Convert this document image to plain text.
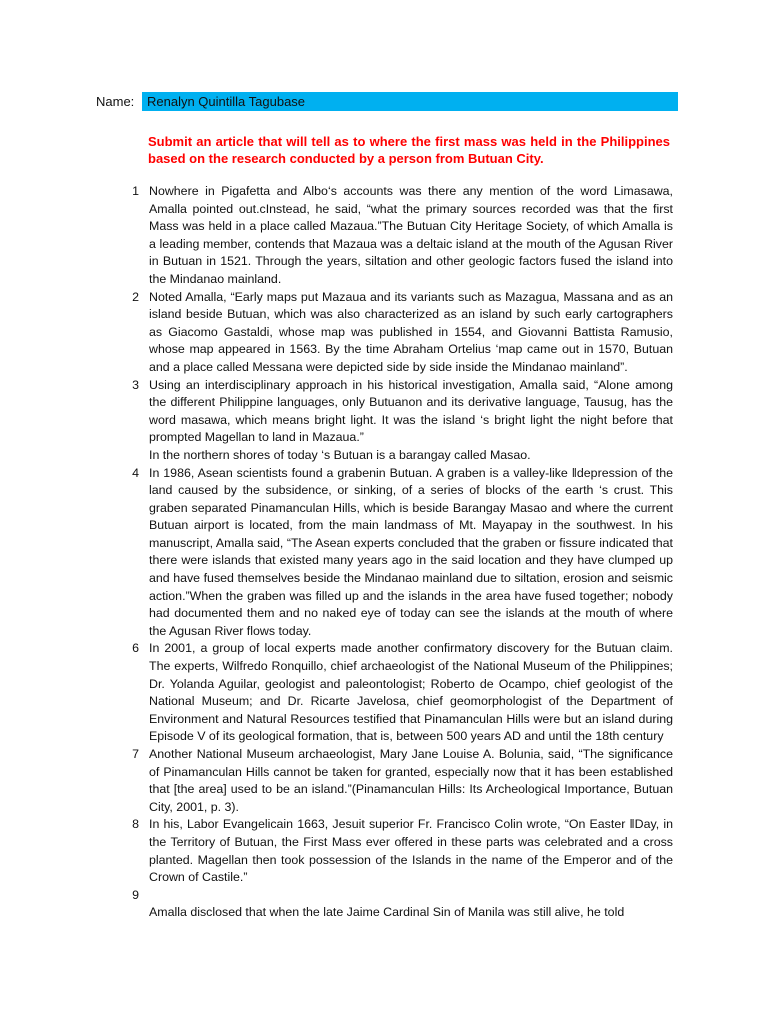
Name: Renalyn Quintilla Tagubase
Submit an article that will tell as to where the first mass was held in the Philippines based on the research conducted by a person from Butuan City.
1 Nowhere in Pigafetta and Albo‘s accounts was there any mention of the word Limasawa, Amalla pointed out.cInstead, he said, “what the primary sources recorded was that the first Mass was held in a place called Mazaua.”The Butuan City Heritage Society, of which Amalla is a leading member, contends that Mazaua was a deltaic island at the mouth of the Agusan River in Butuan in 1521. Through the years, siltation and other geologic factors fused the island into the Mindanao mainland.
2 Noted Amalla, “Early maps put Mazaua and its variants such as Mazagua, Massana and as an island beside Butuan, which was also characterized as an island by such early cartographers as Giacomo Gastaldi, whose map was published in 1554, and Giovanni Battista Ramusio, whose map appeared in 1563. By the time Abraham Ortelius ‘map came out in 1570, Butuan and a place called Messana were depicted side by side inside the Mindanao mainland”.
3 Using an interdisciplinary approach in his historical investigation, Amalla said, “Alone among the different Philippine languages, only Butuanon and its derivative language, Tausug, has the word masawa, which means bright light. It was the island ‘s bright light the night before that prompted Magellan to land in Mazaua.”
In the northern shores of today ‘s Butuan is a barangay called Masao.
4 In 1986, Asean scientists found a grabenin Butuan. A graben is a valley-like ‖depression of the land caused by the subsidence, or sinking, of a series of blocks of the earth ‘s crust. This graben separated Pinamanculan Hills, which is beside Barangay Masao and where the current Butuan airport is located, from the main landmass of Mt. Mayapay in the southwest. In his manuscript, Amalla said, “The Asean experts concluded that the graben or fissure indicated that there were islands that existed many years ago in the said location and they have clumped up and have fused themselves beside the Mindanao mainland due to siltation, erosion and seismic action.”When the graben was filled up and the islands in the area have fused together; nobody had documented them and no naked eye of today can see the islands at the mouth of where the Agusan River flows today.
6 In 2001, a group of local experts made another confirmatory discovery for the Butuan claim. The experts, Wilfredo Ronquillo, chief archaeologist of the National Museum of the Philippines; Dr. Yolanda Aguilar, geologist and paleontologist; Roberto de Ocampo, chief geologist of the National Museum; and Dr. Ricarte Javelosa, chief geomorphologist of the Department of Environment and Natural Resources testified that Pinamanculan Hills were but an island during Episode V of its geological formation, that is, between 500 years AD and until the 18th century
7 Another National Museum archaeologist, Mary Jane Louise A. Bolunia, said, “The significance of Pinamanculan Hills cannot be taken for granted, especially now that it has been established that [the area] used to be an island.”(Pinamanculan Hills: Its Archeological Importance, Butuan City, 2001, p. 3).
8 In his, Labor Evangelicain 1663, Jesuit superior Fr. Francisco Colin wrote, “On Easter ‖Day, in the Territory of Butuan, the First Mass ever offered in these parts was celebrated and a cross planted. Magellan then took possession of the Islands in the name of the Emperor and of the Crown of Castile.”
9
Amalla disclosed that when the late Jaime Cardinal Sin of Manila was still alive, he told
